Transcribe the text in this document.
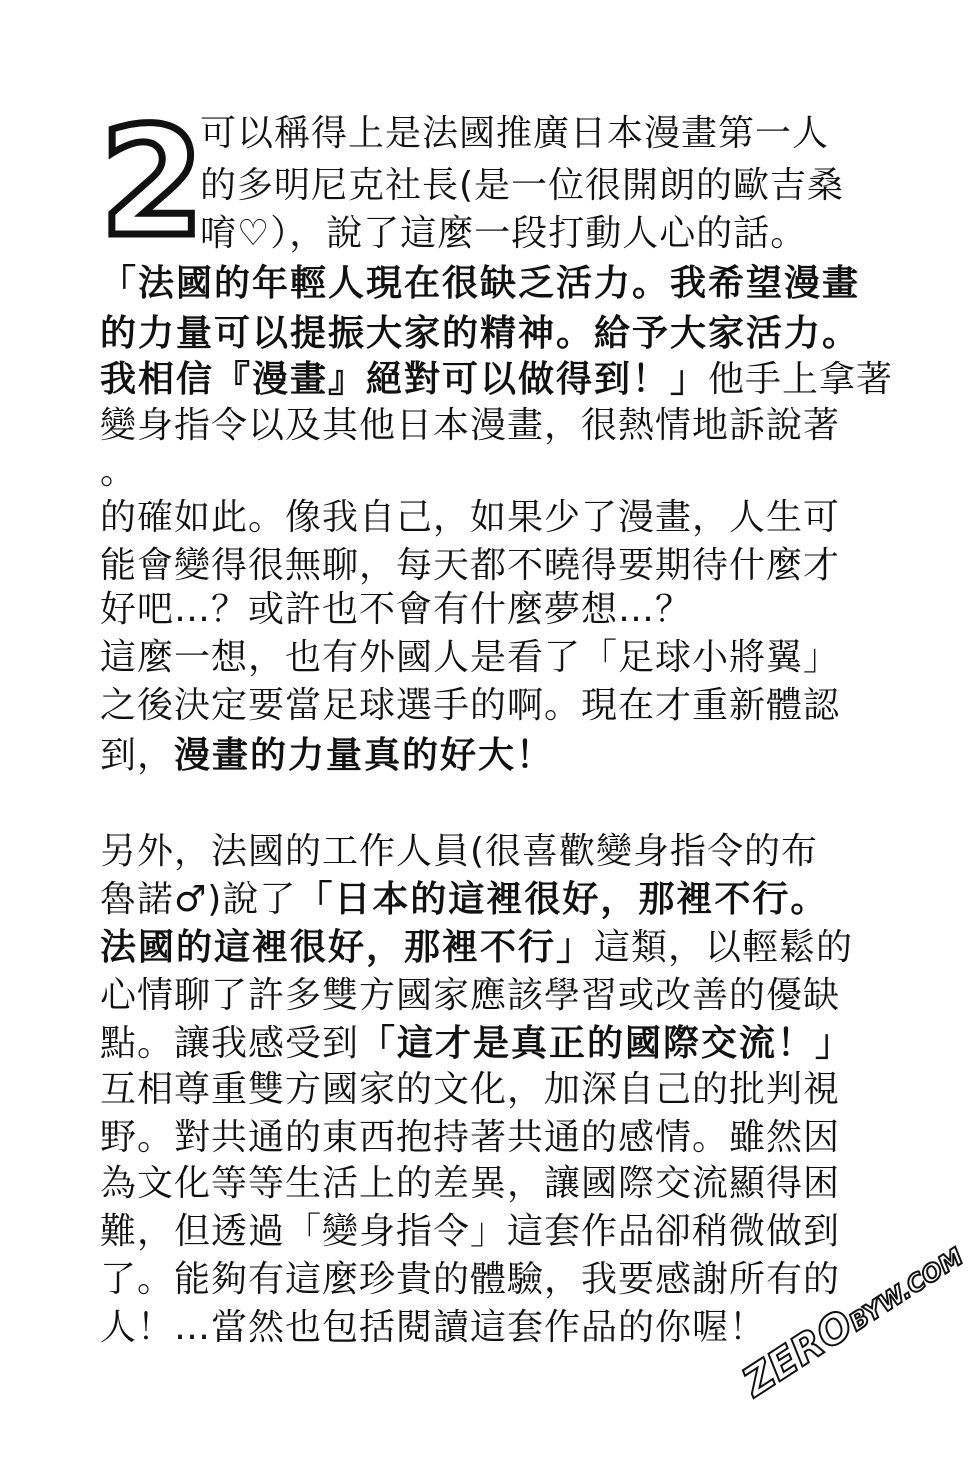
2
可以稱得上是法國推廣日本漫畫第一人
的多明尼克社長(是一位很開朗的歐吉桑
唷♡），說了這麼一段打動人心的話。
「法國的年輕人現在很缺乏活力。我希望漫畫
的力量可以提振大家的精神。給予大家活力。
我相信『漫畫』絕對可以做得到！」他手上拿著
變身指令以及其他日本漫畫，很熱情地訴說著
。
的確如此。像我自己，如果少了漫畫，人生可
能會變得很無聊，每天都不曉得要期待什麼才
好吧…？或許也不會有什麼夢想…？
這麼一想，也有外國人是看了「足球小將翼」
之後決定要當足球選手的啊。現在才重新體認
到，漫畫的力量真的好大！
另外，法國的工作人員(很喜歡變身指令的布
魯諾♂)說了「日本的這裡很好，那裡不行。
法國的這裡很好，那裡不行」這類，以輕鬆的
心情聊了許多雙方國家應該學習或改善的優缺
點。讓我感受到「這才是真正的國際交流！」
互相尊重雙方國家的文化，加深自己的批判視
野。對共通的東西抱持著共通的感情。雖然因
為文化等等生活上的差異，讓國際交流顯得困
難，但透過「變身指令」這套作品卻稍微做到
了。能夠有這麼珍貴的體驗，我要感謝所有的
人！…當然也包括閱讀這套作品的你喔！
ZEROBYW.COM
